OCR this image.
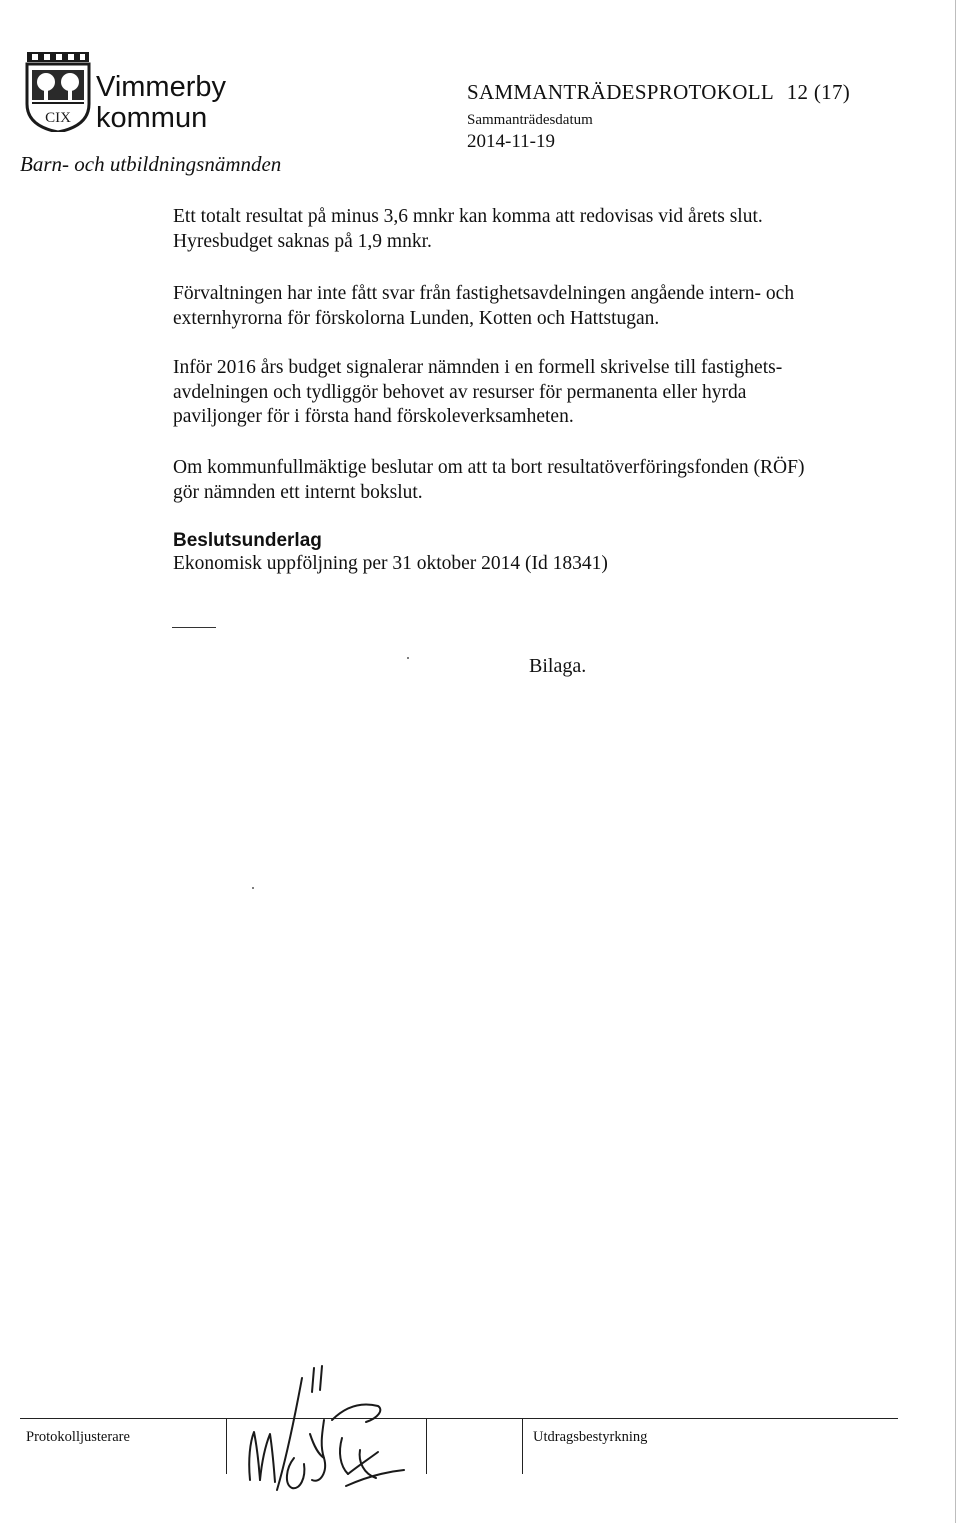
CIX
Vimmerby
kommun
Barn- och utbildningsnämnden
SAMMANTRÄDESPROTOKOLL 12 (17)
Sammanträdesdatum
2014-11-19
Ett totalt resultat på minus 3,6 mnkr kan komma att redovisas vid årets slut.
Hyresbudget saknas på 1,9 mnkr.
Förvaltningen har inte fått svar från fastighetsavdelningen angående intern- och
externhyrorna för förskolorna Lunden, Kotten och Hattstugan.
Inför 2016 års budget signalerar nämnden i en formell skrivelse till fastighets-
avdelningen och tydliggör behovet av resurser för permanenta eller hyrda
paviljonger för i första hand förskoleverksamheten.
Om kommunfullmäktige beslutar om att ta bort resultatöverföringsfonden (RÖF)
gör nämnden ett internt bokslut.
Beslutsunderlag
Ekonomisk uppföljning per 31 oktober 2014 (Id 18341)
Bilaga.
Protokolljusterare	Utdragsbestyrkning
